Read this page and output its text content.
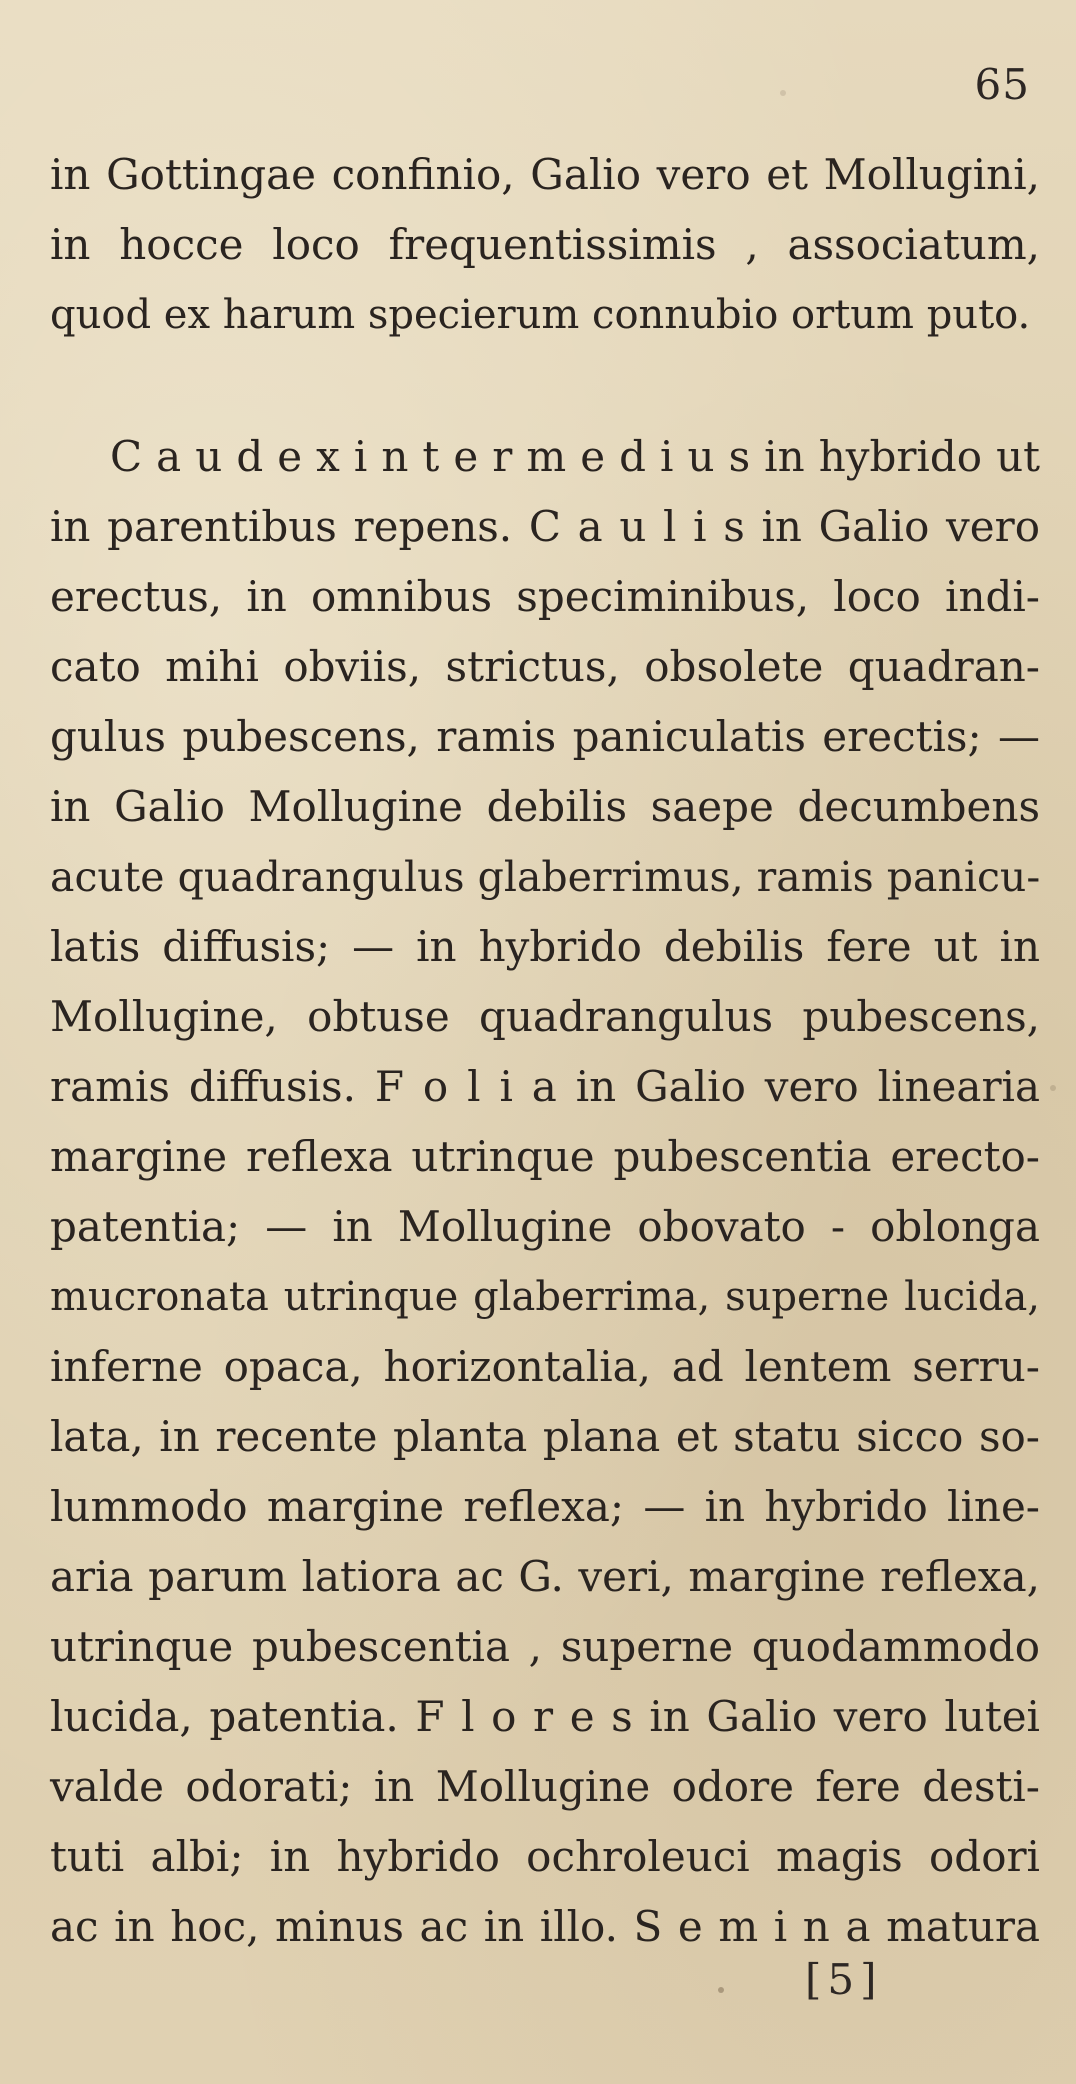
65
in Gottingae confinio, Galio vero et Mollugini,
in hocce loco frequentissimis , associatum,
quod ex harum specierum connubio ortum puto.
C a u d e x i n t e r m e d i u s in hybrido ut
in parentibus repens. C a u l i s in Galio vero
erectus, in omnibus speciminibus, loco indi-
cato mihi obviis, strictus, obsolete quadran-
gulus pubescens, ramis paniculatis erectis; —
in Galio Mollugine debilis saepe decumbens
acute quadrangulus glaberrimus, ramis panicu-
latis diffusis; — in hybrido debilis fere ut in
Mollugine, obtuse quadrangulus pubescens,
ramis diffusis. F o l i a in Galio vero linearia
margine reflexa utrinque pubescentia erecto-
patentia; — in Mollugine obovato - oblonga
mucronata utrinque glaberrima, superne lucida,
inferne opaca, horizontalia, ad lentem serru-
lata, in recente planta plana et statu sicco so-
lummodo margine reflexa; — in hybrido line-
aria parum latiora ac G. veri, margine reflexa,
utrinque pubescentia , superne quodammodo
lucida, patentia. F l o r e s in Galio vero lutei
valde odorati; in Mollugine odore fere desti-
tuti albi; in hybrido ochroleuci magis odori
ac in hoc, minus ac in illo. S e m i n a matura
[5]
